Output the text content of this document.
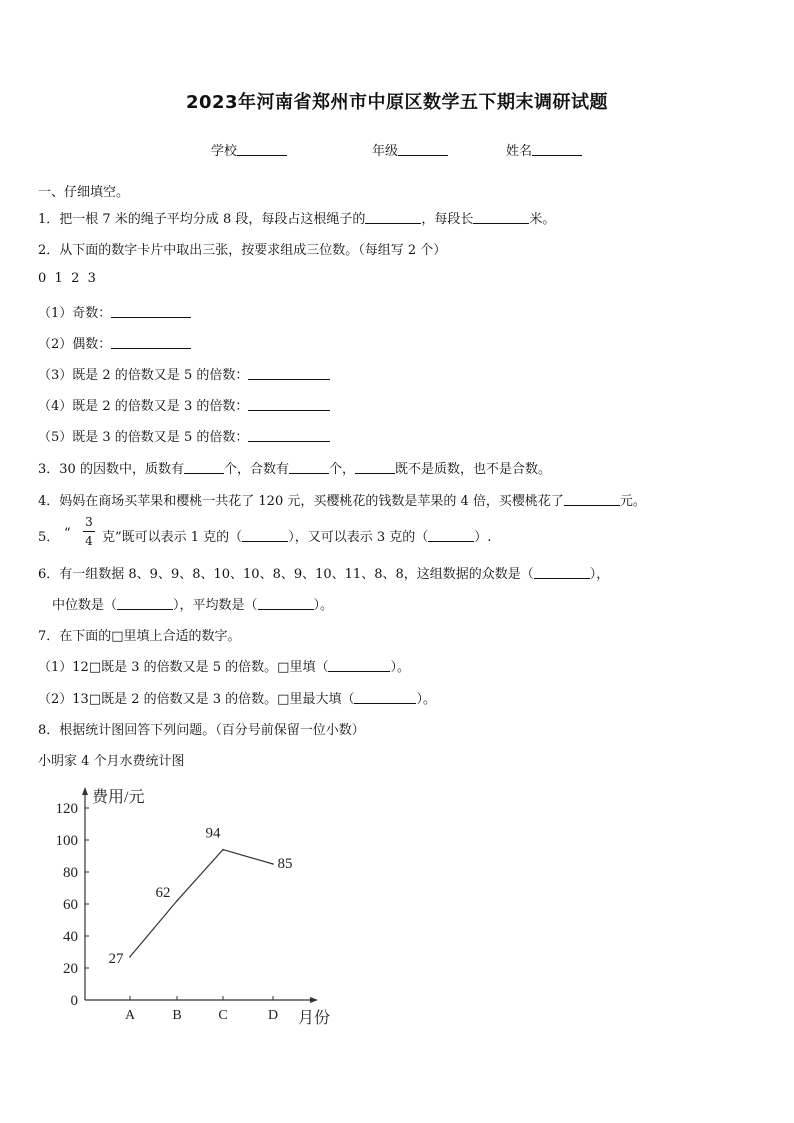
2023年河南省郑州市中原区数学五下期末调研试题
学校	年级	姓名
一、仔细填空。
1．把一根 7 米的绳子平均分成 8 段，每段占这根绳子的	，每段长	米。
2．从下面的数字卡片中取出三张，按要求组成三位数。（每组写 2 个）
0  1  2  3
（1）奇数：
（2）偶数：
（3）既是 2 的倍数又是 5 的倍数：
（4）既是 2 的倍数又是 3 的倍数：
（5）既是 3 的倍数又是 5 的倍数：
3．30 的因数中，质数有	个，合数有	个，	既不是质数，也不是合数。
4．妈妈在商场买苹果和樱桃一共花了 120 元，买樱桃花的钱数是苹果的 4 倍，买樱桃花了	元。
5． “
3
4 克”既可以表示 1 克的（	），又可以表示 3 克的（	）.
6．有一组数据 8、9、9、8、10、10、8、9、10、11、8、8，这组数据的众数是（	），
中位数是（	），平均数是（	）。
7．在下面的□里填上合适的数字。
（1）12□既是 3 的倍数又是 5 的倍数。□里填（	）。
（2）13□既是 2 的倍数又是 3 的倍数。□里最大填（	）。
8．根据统计图回答下列问题。（百分号前保留一位小数）
小明家 4 个月水费统计图
费用/元
月份
0
20
40
60
80
100
120
A	B	C	D
27
62
94
85
